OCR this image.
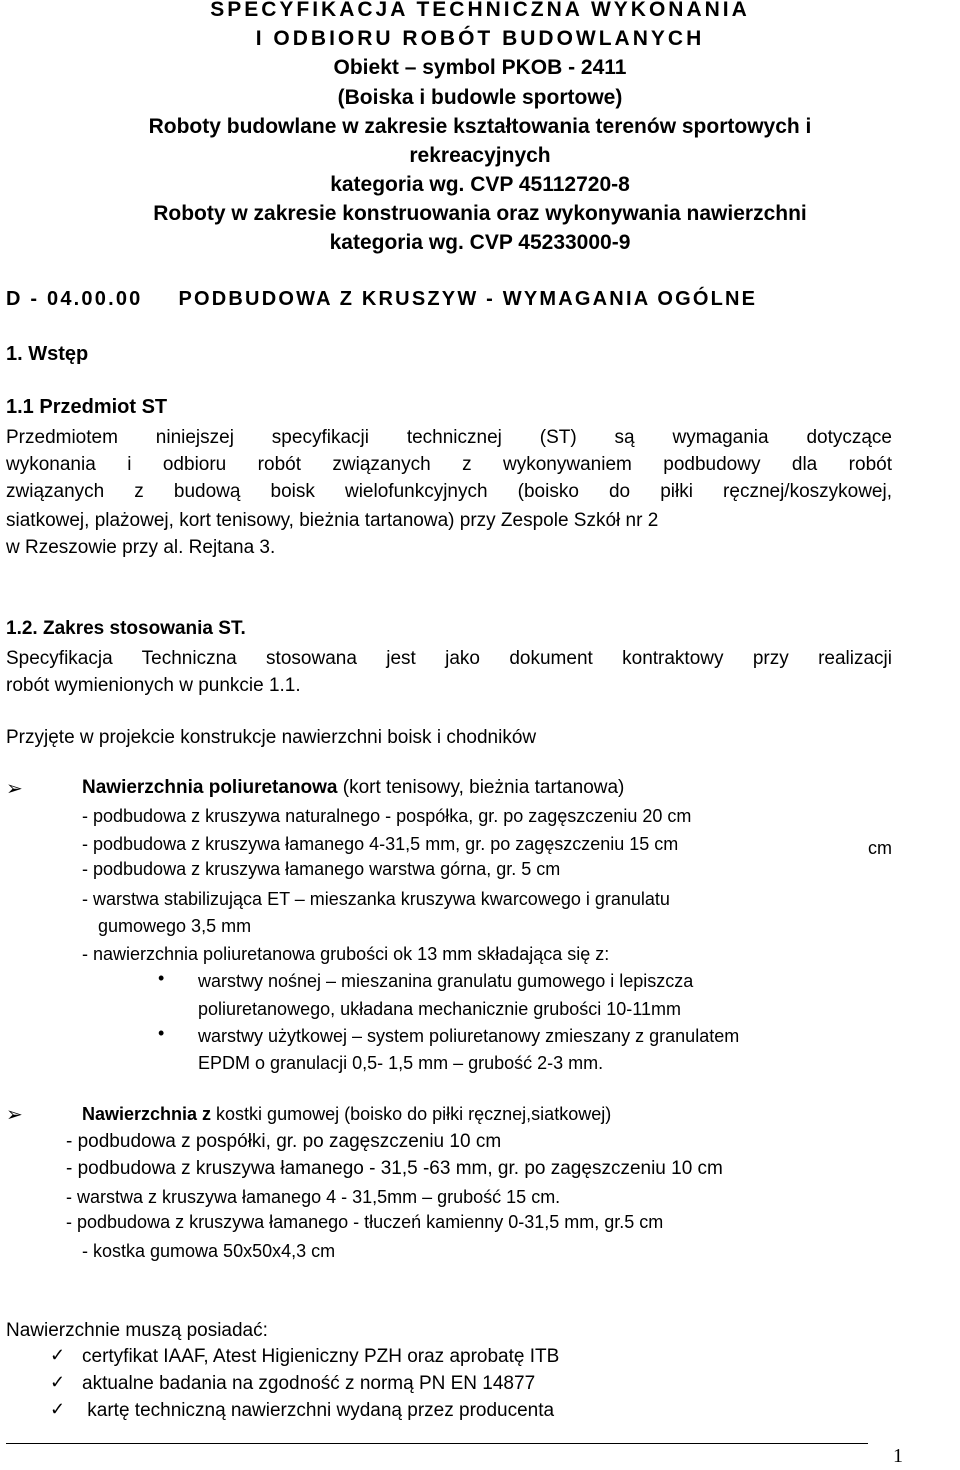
SPECYFIKACJA TECHNICZNA WYKONANIA
I ODBIORU ROBÓT BUDOWLANYCH
Obiekt – symbol PKOB - 2411
(Boiska i budowle sportowe)
Roboty budowlane w zakresie kształtowania terenów sportowych i
rekreacyjnych
kategoria wg. CVP 45112720-8
Roboty w zakresie konstruowania oraz wykonywania nawierzchni
kategoria wg. CVP 45233000-9
D - 04.00.00 PODBUDOWA Z KRUSZYW - WYMAGANIA OGÓLNE
1. Wstęp
1.1 Przedmiot ST
Przedmiotem niniejszej specyfikacji technicznej (ST) są wymagania dotyczące
wykonania i odbioru robót związanych z wykonywaniem podbudowy dla robót
związanych z budową boisk wielofunkcyjnych (boisko do piłki ręcznej/koszykowej,
siatkowej, plażowej, kort tenisowy, bieżnia tartanowa) przy Zespole Szkół nr 2
w Rzeszowie przy al. Rejtana 3.
1.2. Zakres stosowania ST.
Specyfikacja Techniczna stosowana jest jako dokument kontraktowy przy realizacji
robót wymienionych w punkcie 1.1.
Przyjęte w projekcie konstrukcje nawierzchni boisk i chodników
➢	Nawierzchnia poliuretanowa (kort tenisowy, bieżnia tartanowa)
- podbudowa z kruszywa naturalnego - pospółka, gr. po zagęszczeniu 20 cm
- podbudowa z kruszywa łamanego 4-31,5 mm, gr. po zagęszczeniu 15 cm	cm
- podbudowa z kruszywa łamanego warstwa górna, gr. 5 cm
- warstwa stabilizująca ET – mieszanka kruszywa kwarcowego i granulatu
gumowego 3,5 mm
- nawierzchnia poliuretanowa grubości ok 13 mm składająca się z:
• warstwy nośnej – mieszanina granulatu gumowego i lepiszcza
poliuretanowego, układana mechanicznie grubości 10-11mm
• warstwy użytkowej – system poliuretanowy zmieszany z granulatem
EPDM o granulacji 0,5- 1,5 mm – grubość 2-3 mm.
➢	Nawierzchnia z kostki gumowej (boisko do piłki ręcznej,siatkowej)
- podbudowa z pospółki, gr. po zagęszczeniu 10 cm
- podbudowa z kruszywa łamanego - 31,5 -63 mm, gr. po zagęszczeniu 10 cm
- warstwa z kruszywa łamanego 4 - 31,5mm – grubość 15 cm.
- podbudowa z kruszywa łamanego - tłuczeń kamienny 0-31,5 mm, gr.5 cm
- kostka gumowa 50x50x4,3 cm
Nawierzchnie muszą posiadać:
✓ certyfikat IAAF, Atest Higieniczny PZH oraz aprobatę ITB
✓ aktualne badania na zgodność z normą PN EN 14877
✓ kartę techniczną nawierzchni wydaną przez producenta
1
